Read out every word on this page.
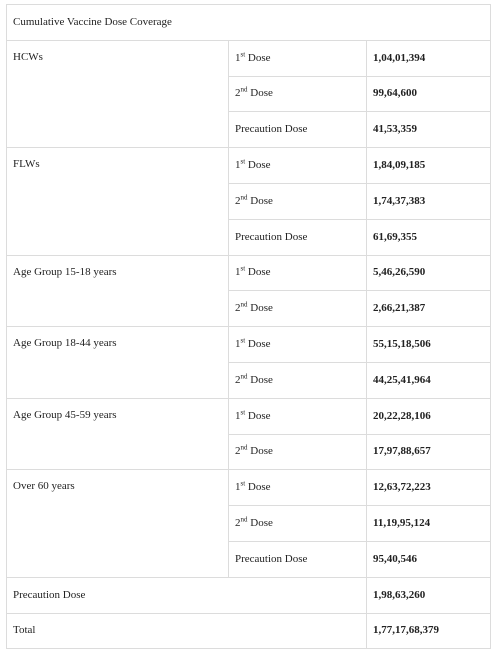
Cumulative Vaccine Dose Coverage		
HCWs	1st Dose	1,04,01,394
	2nd Dose	99,64,600
	Precaution Dose	41,53,359
FLWs	1st Dose	1,84,09,185
	2nd Dose	1,74,37,383
	Precaution Dose	61,69,355
Age Group 15-18 years	1st Dose	5,46,26,590
	2nd Dose	2,66,21,387
Age Group 18-44 years	1st Dose	55,15,18,506
	2nd Dose	44,25,41,964
Age Group 45-59 years	1st Dose	20,22,28,106
	2nd Dose	17,97,88,657
Over 60 years	1st Dose	12,63,72,223
	2nd Dose	11,19,95,124
	Precaution Dose	95,40,546
Precaution Dose		1,98,63,260
Total		1,77,17,68,379
